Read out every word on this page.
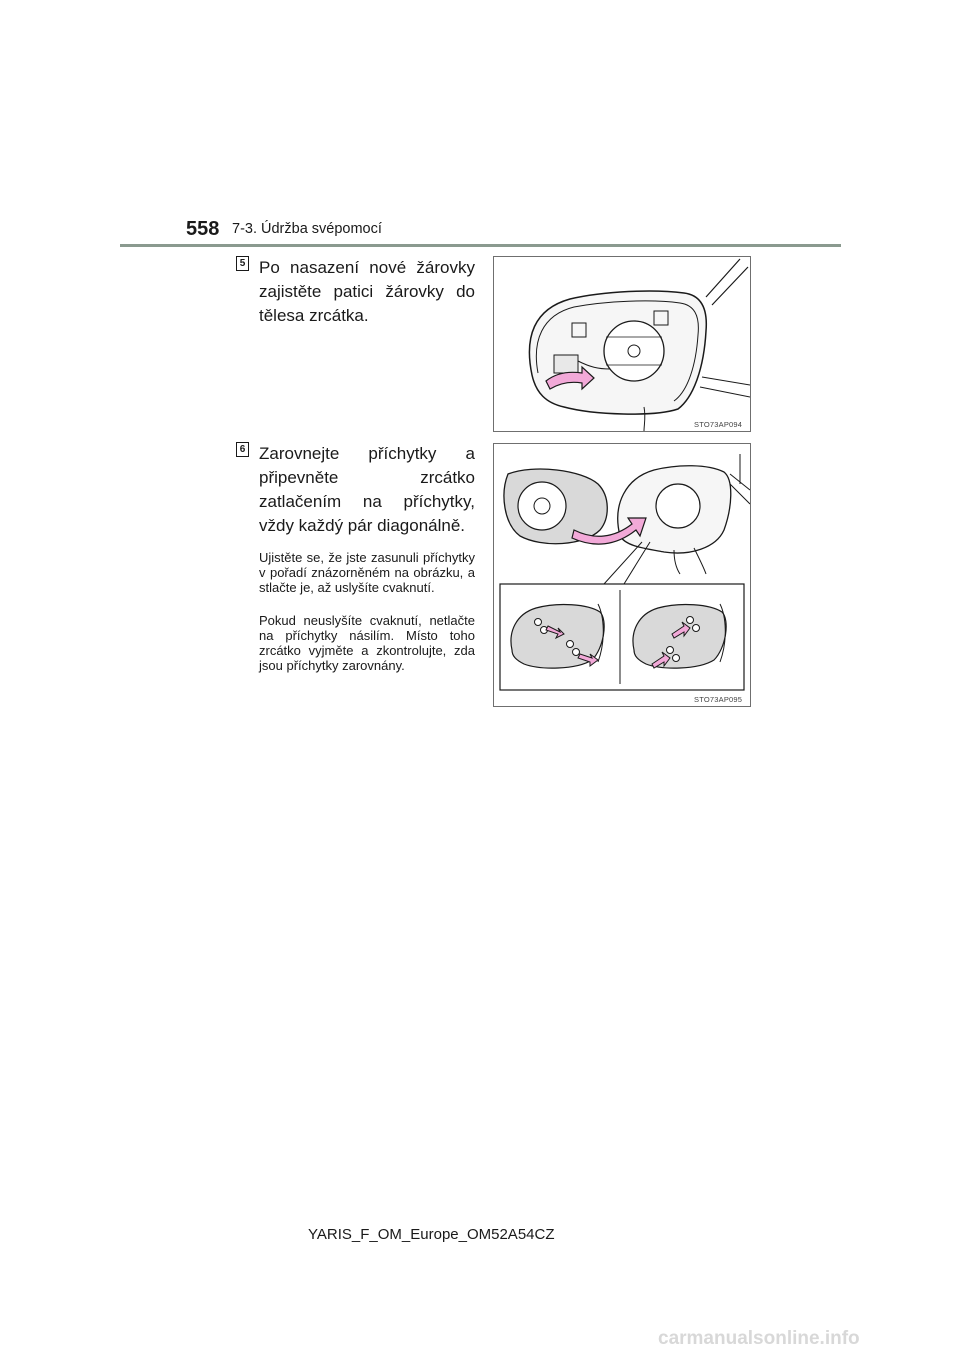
558 7-3. Údržba svépomocí
5 Po nasazení nové žárovky zajistěte patici žárovky do tělesa zrcátka.
STO73AP094
6 Zarovnejte příchytky a připevněte zrcátko zatlačením na příchytky, vždy každý pár diagonálně.

Ujistěte se, že jste zasunuli příchytky v pořadí znázorněném na obrázku, a stlačte je, až uslyšíte cvaknutí.

Pokud neuslyšíte cvaknutí, netlačte na příchytky násilím. Místo toho zrcátko vyjměte a zkontrolujte, zda jsou příchytky zarovnány.

STO73AP095
YARIS_F_OM_Europe_OM52A54CZ
carmanualsonline.info
